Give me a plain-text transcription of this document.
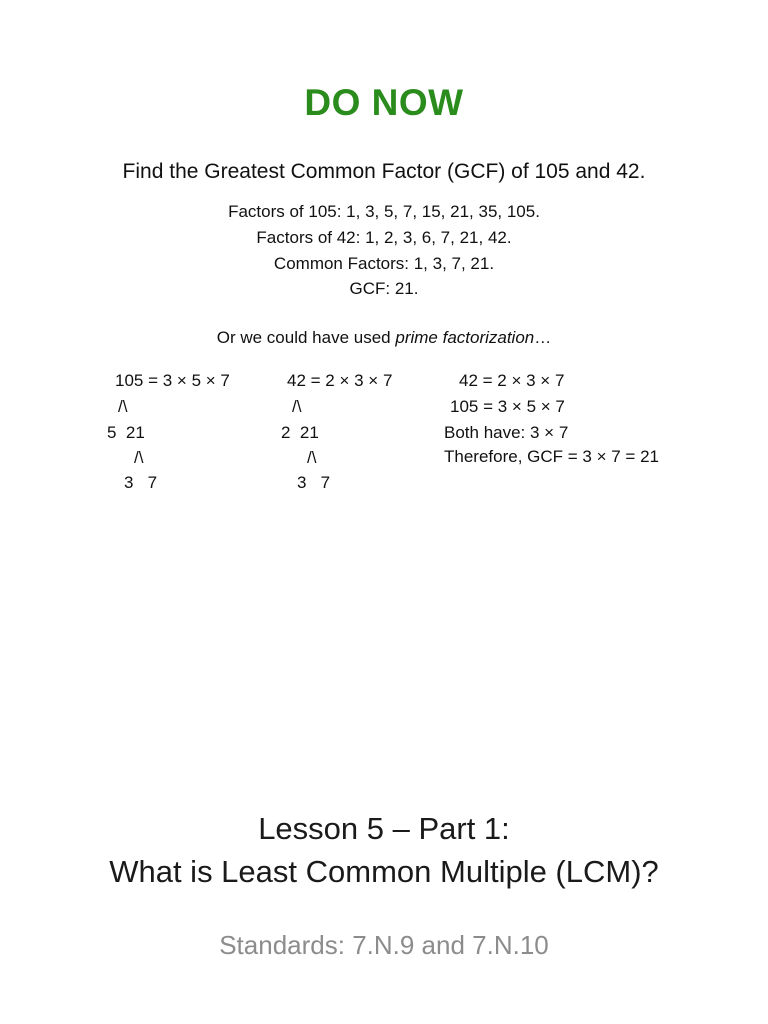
DO NOW
Find the Greatest Common Factor (GCF) of 105 and 42.
Factors of 105: 1, 3, 5, 7, 15, 21, 35, 105.
Factors of 42: 1, 2, 3, 6, 7, 21, 42.
Common Factors: 1, 3, 7, 21.
GCF: 21.
Or we could have used prime factorization…
105 = 3 × 5 × 7
/\
5  21
/\
3   7
42 = 2 × 3 × 7
/\
2  21
/\
3   7
42 = 2 × 3 × 7
105 = 3 × 5 × 7
Both have: 3 × 7
Therefore, GCF = 3 × 7 = 21
Lesson 5 – Part 1:
What is Least Common Multiple (LCM)?
Standards: 7.N.9 and 7.N.10
